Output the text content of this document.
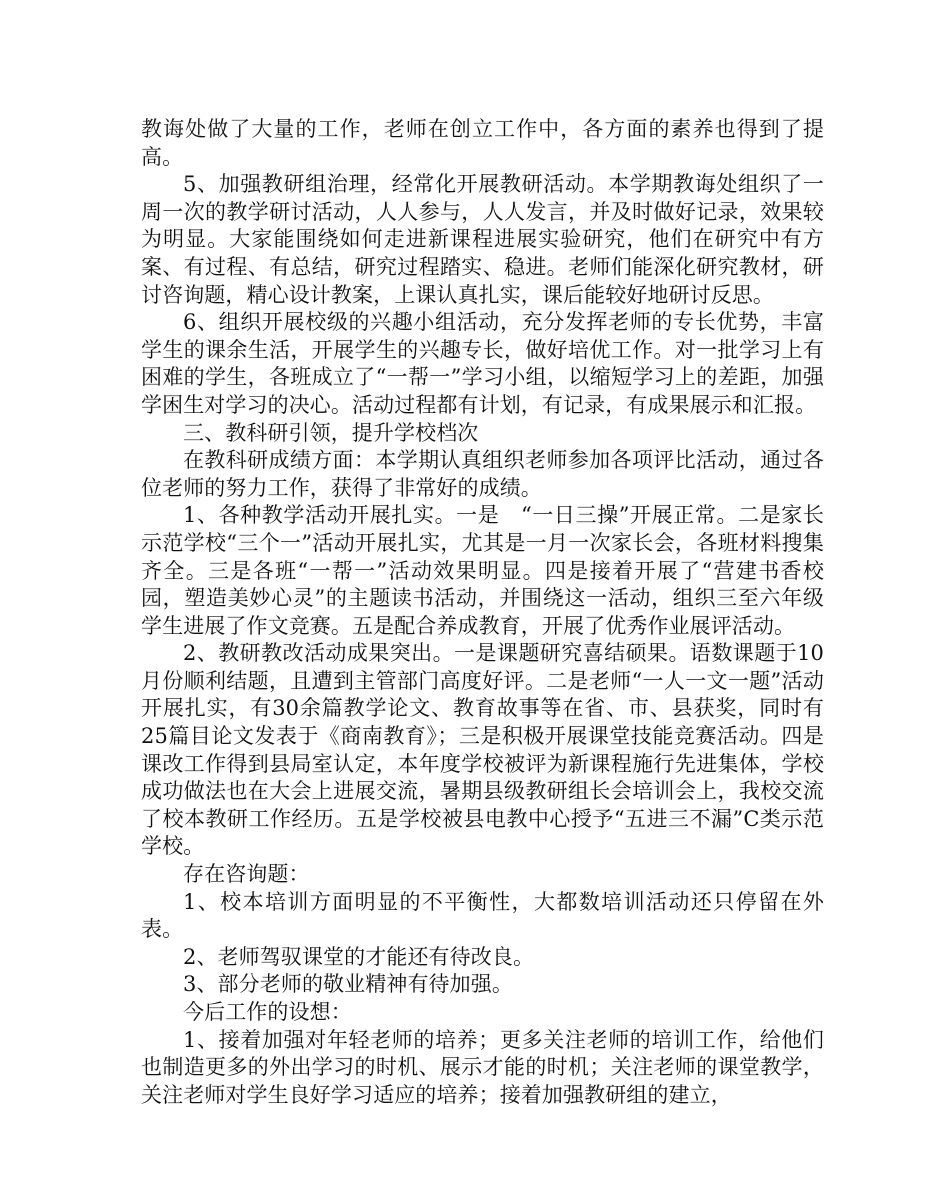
教诲处做了大量的工作，老师在创立工作中，各方面的素养也得到了提高。

5、加强教研组治理，经常化开展教研活动。本学期教诲处组织了一周一次的教学研讨活动，人人参与，人人发言，并及时做好记录，效果较为明显。大家能围绕如何走进新课程进展实验研究，他们在研究中有方案、有过程、有总结，研究过程踏实、稳进。老师们能深化研究教材，研讨咨询题，精心设计教案，上课认真扎实，课后能较好地研讨反思。

6、组织开展校级的兴趣小组活动，充分发挥老师的专长优势，丰富学生的课余生活，开展学生的兴趣专长，做好培优工作。对一批学习上有困难的学生，各班成立了“一帮一”学习小组，以缩短学习上的差距，加强学困生对学习的决心。活动过程都有计划，有记录，有成果展示和汇报。

三、教科研引领，提升学校档次

在教科研成绩方面：本学期认真组织老师参加各项评比活动，通过各位老师的努力工作，获得了非常好的成绩。

1、各种教学活动开展扎实。一是　“一日三操”开展正常。二是家长示范学校“三个一”活动开展扎实，尤其是一月一次家长会，各班材料搜集齐全。三是各班“一帮一”活动效果明显。四是接着开展了“营建书香校园，塑造美妙心灵”的主题读书活动，并围绕这一活动，组织三至六年级学生进展了作文竞赛。五是配合养成教育，开展了优秀作业展评活动。

2、教研教改活动成果突出。一是课题研究喜结硕果。语数课题于10月份顺利结题，且遭到主管部门高度好评。二是老师“一人一文一题”活动开展扎实，有30余篇教学论文、教育故事等在省、市、县获奖，同时有25篇目论文发表于《商南教育》；三是积极开展课堂技能竞赛活动。四是课改工作得到县局室认定，本年度学校被评为新课程施行先进集体，学校成功做法也在大会上进展交流，暑期县级教研组长会培训会上，我校交流了校本教研工作经历。五是学校被县电教中心授予“五进三不漏”C类示范学校。

存在咨询题：

1、校本培训方面明显的不平衡性，大都数培训活动还只停留在外表。

2、老师驾驭课堂的才能还有待改良。

3、部分老师的敬业精神有待加强。

今后工作的设想：

1、接着加强对年轻老师的培养；更多关注老师的培训工作，给他们也制造更多的外出学习的时机、展示才能的时机；关注老师的课堂教学，关注老师对学生良好学习适应的培养；接着加强教研组的建立，
